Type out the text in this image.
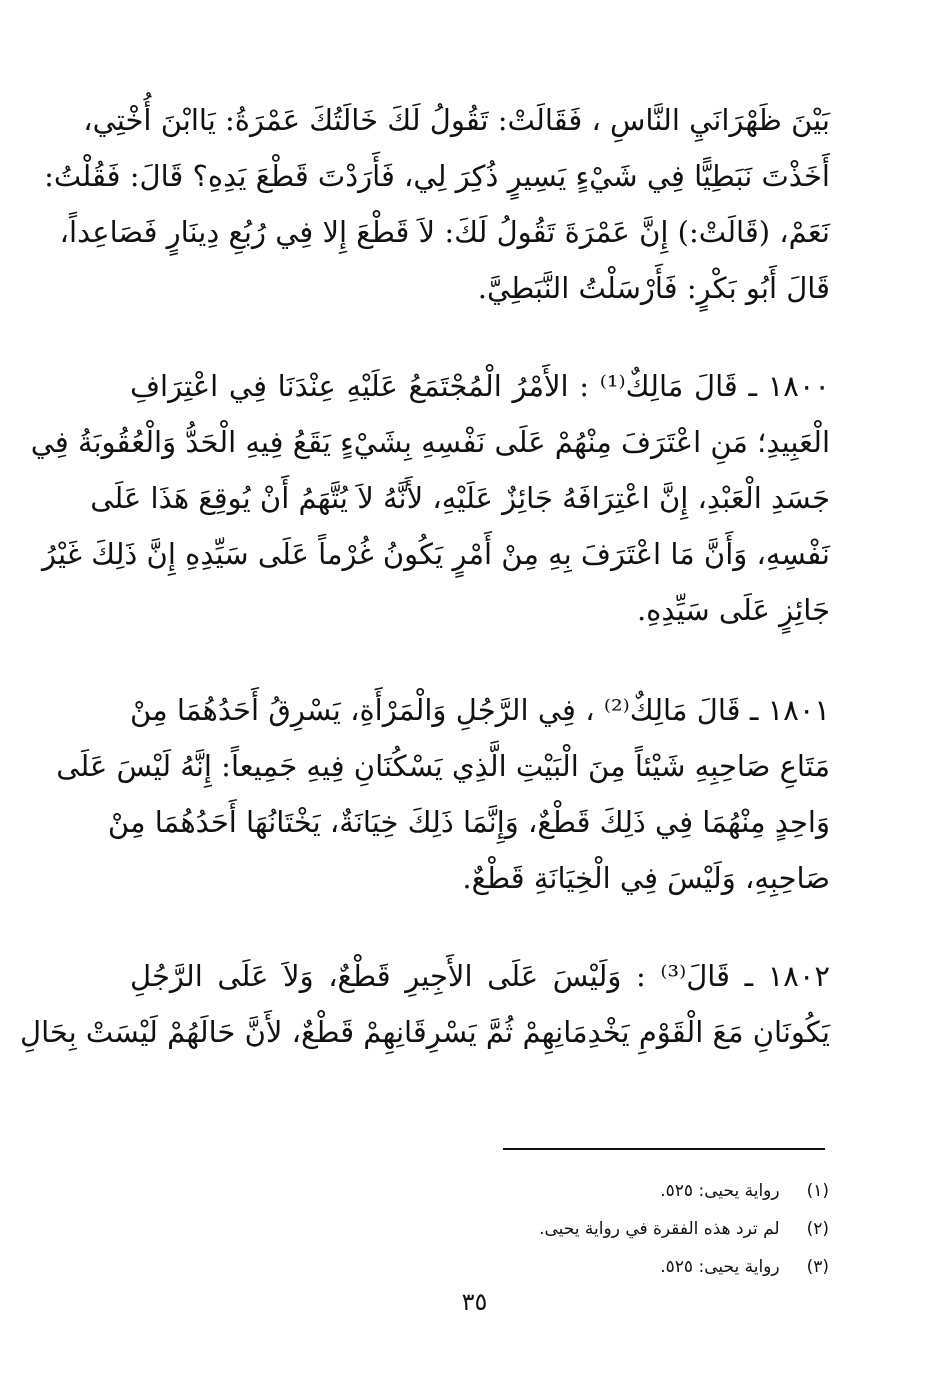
بَيْنَ ظَهْرَانَيِ النَّاسِ ، فَقَالَتْ: تَقُولُ لَكَ خَالَتُكَ عَمْرَةُ: يَاابْنَ أُخْتِي،
أَخَذْتَ نَبَطِيًّا فِي شَيْءٍ يَسِيرٍ ذُكِرَ لِي، فَأَرَدْتَ قَطْعَ يَدِهِ؟ قَالَ: فَقُلْتُ:
نَعَمْ، (قَالَتْ:) إِنَّ عَمْرَةَ تَقُولُ لَكَ: لاَ قَطْعَ إِلا فِي رُبُعِ دِينَارٍ فَصَاعِداً،
قَالَ أَبُو بَكْرٍ: فَأَرْسَلْتُ النَّبَطِيَّ.
١٨٠٠ ـ قَالَ مَالِكٌ⁽¹⁾ : الأَمْرُ الْمُجْتَمَعُ عَلَيْهِ عِنْدَنَا فِي اعْتِرَافِ
الْعَبِيدِ؛ مَنِ اعْتَرَفَ مِنْهُمْ عَلَى نَفْسِهِ بِشَيْءٍ يَقَعُ فِيهِ الْحَدُّ وَالْعُقُوبَةُ فِي
جَسَدِ الْعَبْدِ، إِنَّ اعْتِرَافَهُ جَائِزٌ عَلَيْهِ، لأَنَّهُ لاَ يُتَّهَمُ أَنْ يُوقِعَ هَذَا عَلَى
نَفْسِهِ، وَأَنَّ مَا اعْتَرَفَ بِهِ مِنْ أَمْرٍ يَكُونُ غُرْماً عَلَى سَيِّدِهِ إِنَّ ذَلِكَ غَيْرُ
جَائِزٍ عَلَى سَيِّدِهِ.
١٨٠١ ـ قَالَ مَالِكٌ⁽²⁾ ، فِي الرَّجُلِ وَالْمَرْأَةِ، يَسْرِقُ أَحَدُهُمَا مِنْ
مَتَاعِ صَاحِبِهِ شَيْئاً مِنَ الْبَيْتِ الَّذِي يَسْكُنَانِ فِيهِ جَمِيعاً: إِنَّهُ لَيْسَ عَلَى
وَاحِدٍ مِنْهُمَا فِي ذَلِكَ قَطْعٌ، وَإِنَّمَا ذَلِكَ خِيَانَةٌ، يَخْتَانُهَا أَحَدُهُمَا مِنْ
صَاحِبِهِ، وَلَيْسَ فِي الْخِيَانَةِ قَطْعٌ.
١٨٠٢ ـ قَالَ⁽³⁾ : وَلَيْسَ عَلَى الأَجِيرِ قَطْعٌ، وَلاَ عَلَى الرَّجُلِ
يَكُونَانِ مَعَ الْقَوْمِ يَخْدِمَانِهِمْ ثُمَّ يَسْرِقَانِهِمْ قَطْعٌ، لأَنَّ حَالَهُمْ لَيْسَتْ بِحَالِ
(١) رواية يحيى: ٥٢٥.
(٢) لم ترد هذه الفقرة في رواية يحيى.
(٣) رواية يحيى: ٥٢٥.
٣٥
